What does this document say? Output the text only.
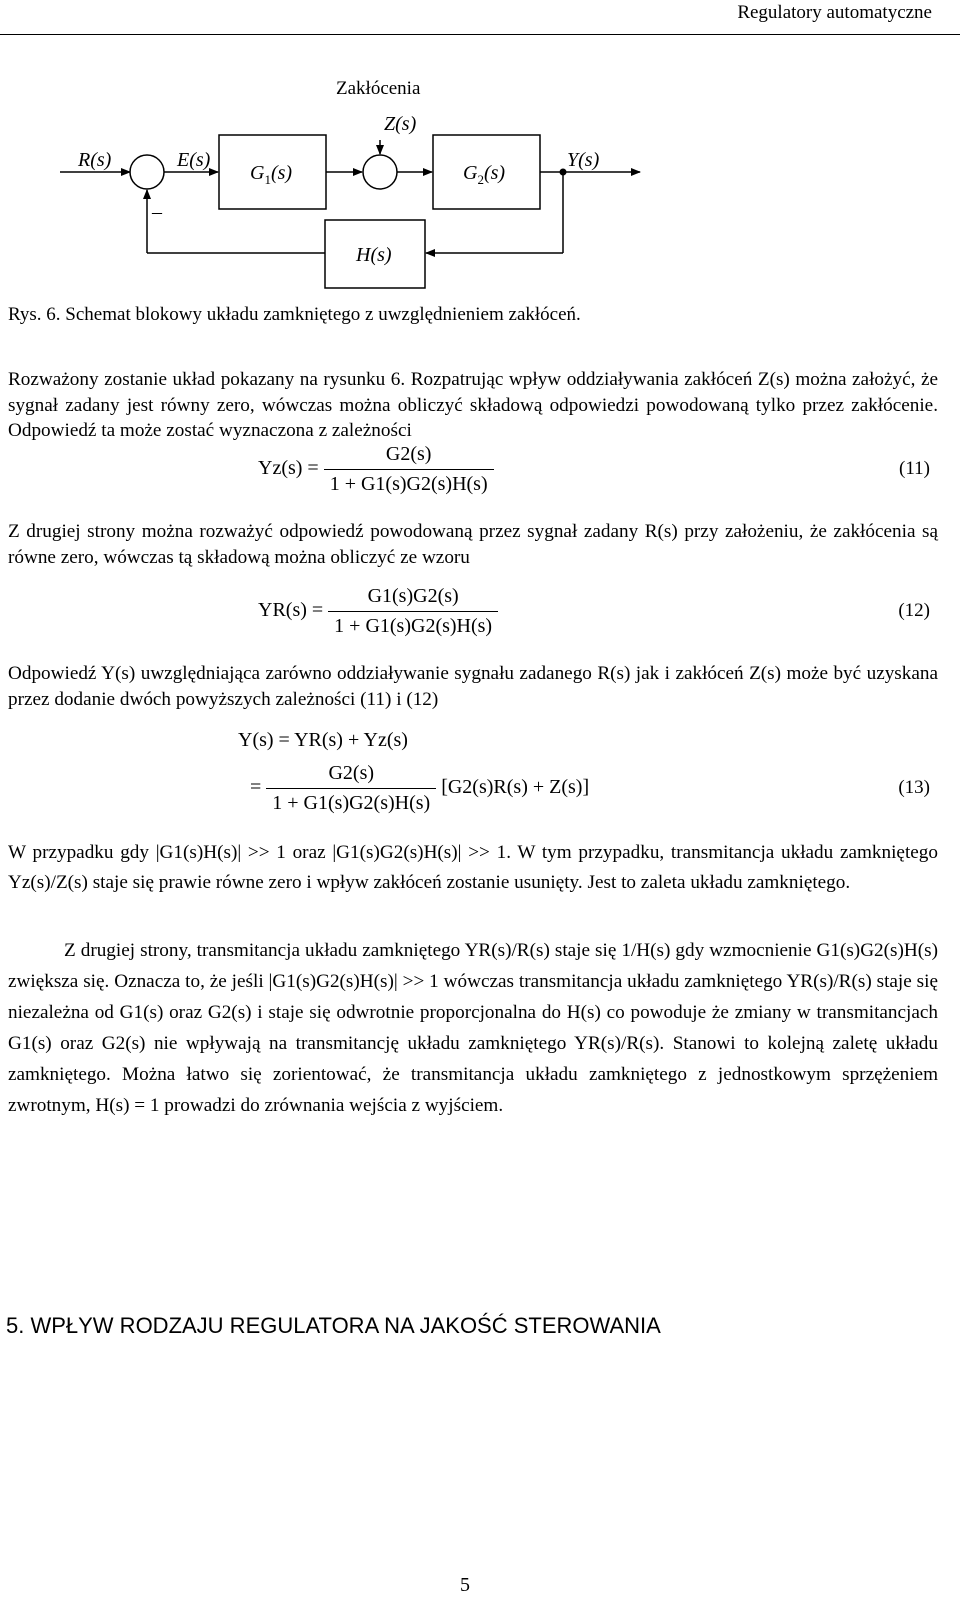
Regulatory automatyczne
Zakłócenia
Z(s)
R(s)
–
E(s)
$G_1(s)$	$G_2(s)$
Y(s)
H(s)
Rys. 6. Schemat blokowy układu zamkniętego z uwzględnieniem zakłóceń.
Rozważony zostanie układ pokazany na rysunku 6. Rozpatrując wpływ oddziaływania zakłóceń Z(s) można założyć, że sygnał zadany jest równy zero, wówczas można obliczyć składową odpowiedzi powodowaną tylko przez zakłócenie. Odpowiedź ta może zostać wyznaczona z zależności
$Yz(s) = \frac{G2(s)}{1 + G1(s)G2(s)H(s)}$	(11)
Z drugiej strony można rozważyć odpowiedź powodowaną przez sygnał zadany R(s) przy założeniu, że zakłócenia są równe zero, wówczas tą składową można obliczyć ze wzoru
$YR(s) = \frac{G1(s)G2(s)}{1 + G1(s)G2(s)H(s)}$	(12)
Odpowiedź Y(s) uwzględniająca zarówno oddziaływanie sygnału zadanego R(s) jak i zakłóceń Z(s) może być uzyskana przez dodanie dwóch powyższych zależności (11) i (12)
Y(s) = YR(s) + Yz(s)
= $\frac{G2(s)}{1 + G1(s)G2(s)H(s)} [G2(s)R(s) + Z(s)]$	(13)
W przypadku gdy |G1(s)H(s)| >> 1 oraz |G1(s)G2(s)H(s)| >> 1. W tym przypadku, transmitancja układu zamkniętego Yz(s)/Z(s) staje się prawie równe zero i wpływ zakłóceń zostanie usunięty. Jest to zaleta układu zamkniętego.
Z drugiej strony, transmitancja układu zamkniętego YR(s)/R(s) staje się 1/H(s) gdy wzmocnienie G1(s)G2(s)H(s) zwiększa się. Oznacza to, że jeśli |G1(s)G2(s)H(s)| >> 1 wówczas transmitancja układu zamkniętego YR(s)/R(s) staje się niezależna od G1(s) oraz G2(s) i staje się odwrotnie proporcjonalna do H(s) co powoduje że zmiany w transmitancjach G1(s) oraz G2(s) nie wpływają na transmitancję układu zamkniętego YR(s)/R(s). Stanowi to kolejną zaletę układu zamkniętego. Można łatwo się zorientować, że transmitancja układu zamkniętego z jednostkowym sprzężeniem zwrotnym, H(s) = 1 prowadzi do zrównania wejścia z wyjściem.
5. WPŁYW RODZAJU REGULATORA NA JAKOŚĆ STEROWANIA
5
